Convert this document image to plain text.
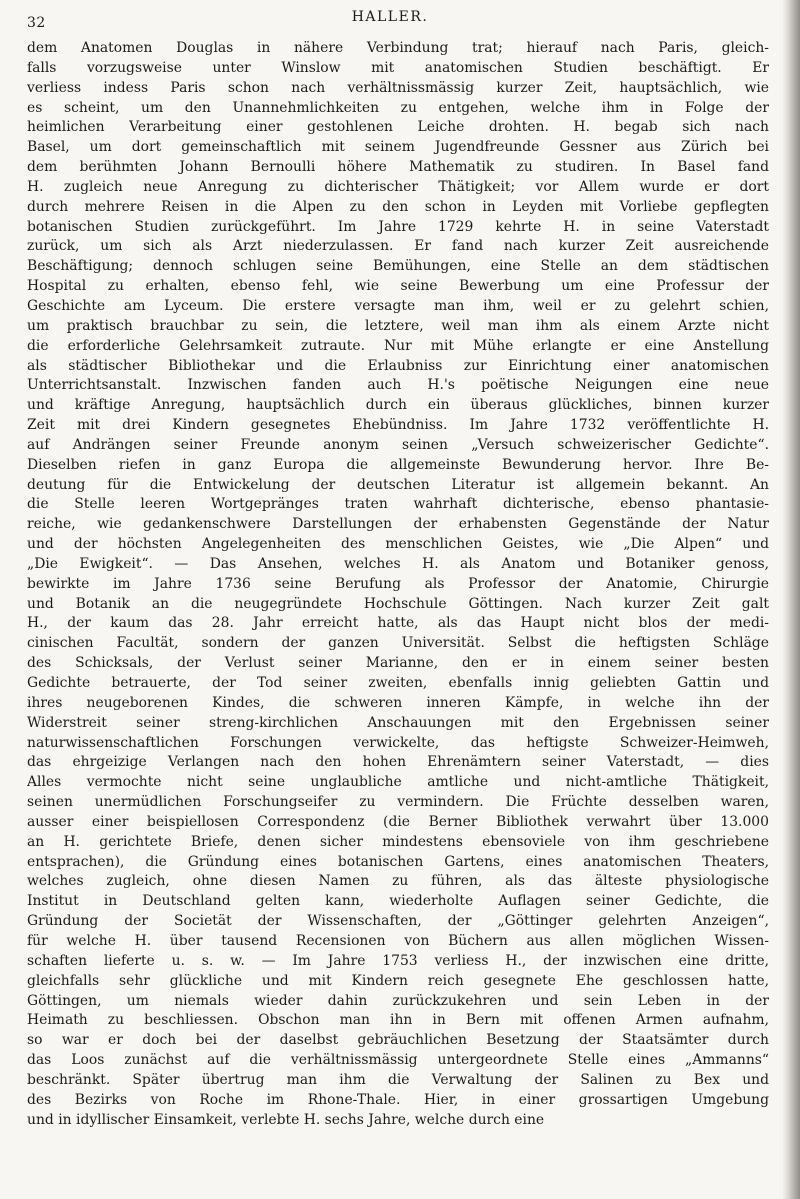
32	HALLER.
dem Anatomen Douglas in nähere Verbindung trat; hierauf nach Paris, gleich-
falls vorzugsweise unter Winslow mit anatomischen Studien beschäftigt. Er
verliess indess Paris schon nach verhältnissmässig kurzer Zeit, hauptsächlich, wie
es scheint, um den Unannehmlichkeiten zu entgehen, welche ihm in Folge der
heimlichen Verarbeitung einer gestohlenen Leiche drohten. H. begab sich nach
Basel, um dort gemeinschaftlich mit seinem Jugendfreunde Gessner aus Zürich bei
dem berühmten Johann Bernoulli höhere Mathematik zu studiren. In Basel fand
H. zugleich neue Anregung zu dichterischer Thätigkeit; vor Allem wurde er dort
durch mehrere Reisen in die Alpen zu den schon in Leyden mit Vorliebe gepflegten
botanischen Studien zurückgeführt. Im Jahre 1729 kehrte H. in seine Vaterstadt
zurück, um sich als Arzt niederzulassen. Er fand nach kurzer Zeit ausreichende
Beschäftigung; dennoch schlugen seine Bemühungen, eine Stelle an dem städtischen
Hospital zu erhalten, ebenso fehl, wie seine Bewerbung um eine Professur der
Geschichte am Lyceum. Die erstere versagte man ihm, weil er zu gelehrt schien,
um praktisch brauchbar zu sein, die letztere, weil man ihm als einem Arzte nicht
die erforderliche Gelehrsamkeit zutraute. Nur mit Mühe erlangte er eine Anstellung
als städtischer Bibliothekar und die Erlaubniss zur Einrichtung einer anatomischen
Unterrichtsanstalt. Inzwischen fanden auch H.'s poëtische Neigungen eine neue
und kräftige Anregung, hauptsächlich durch ein überaus glückliches, binnen kurzer
Zeit mit drei Kindern gesegnetes Ehebündniss. Im Jahre 1732 veröffentlichte H.
auf Andrängen seiner Freunde anonym seinen „Versuch schweizerischer Gedichte“.
Dieselben riefen in ganz Europa die allgemeinste Bewunderung hervor. Ihre Be-
deutung für die Entwickelung der deutschen Literatur ist allgemein bekannt. An
die Stelle leeren Wortgepränges traten wahrhaft dichterische, ebenso phantasie-
reiche, wie gedankenschwere Darstellungen der erhabensten Gegenstände der Natur
und der höchsten Angelegenheiten des menschlichen Geistes, wie „Die Alpen“ und
„Die Ewigkeit“. — Das Ansehen, welches H. als Anatom und Botaniker genoss,
bewirkte im Jahre 1736 seine Berufung als Professor der Anatomie, Chirurgie
und Botanik an die neugegründete Hochschule Göttingen. Nach kurzer Zeit galt
H., der kaum das 28. Jahr erreicht hatte, als das Haupt nicht blos der medi-
cinischen Facultät, sondern der ganzen Universität. Selbst die heftigsten Schläge
des Schicksals, der Verlust seiner Marianne, den er in einem seiner besten
Gedichte betrauerte, der Tod seiner zweiten, ebenfalls innig geliebten Gattin und
ihres neugeborenen Kindes, die schweren inneren Kämpfe, in welche ihn der
Widerstreit seiner streng-kirchlichen Anschauungen mit den Ergebnissen seiner
naturwissenschaftlichen Forschungen verwickelte, das heftigste Schweizer-Heimweh,
das ehrgeizige Verlangen nach den hohen Ehrenämtern seiner Vaterstadt, — dies
Alles vermochte nicht seine unglaubliche amtliche und nicht-amtliche Thätigkeit,
seinen unermüdlichen Forschungseifer zu vermindern. Die Früchte desselben waren,
ausser einer beispiellosen Correspondenz (die Berner Bibliothek verwahrt über 13.000
an H. gerichtete Briefe, denen sicher mindestens ebensoviele von ihm geschriebene
entsprachen), die Gründung eines botanischen Gartens, eines anatomischen Theaters,
welches zugleich, ohne diesen Namen zu führen, als das älteste physiologische
Institut in Deutschland gelten kann, wiederholte Auflagen seiner Gedichte, die
Gründung der Societät der Wissenschaften, der „Göttinger gelehrten Anzeigen“,
für welche H. über tausend Recensionen von Büchern aus allen möglichen Wissen-
schaften lieferte u. s. w. — Im Jahre 1753 verliess H., der inzwischen eine dritte,
gleichfalls sehr glückliche und mit Kindern reich gesegnete Ehe geschlossen hatte,
Göttingen, um niemals wieder dahin zurückzukehren und sein Leben in der
Heimath zu beschliessen. Obschon man ihn in Bern mit offenen Armen aufnahm,
so war er doch bei der daselbst gebräuchlichen Besetzung der Staatsämter durch
das Loos zunächst auf die verhältnissmässig untergeordnete Stelle eines „Ammanns“
beschränkt. Später übertrug man ihm die Verwaltung der Salinen zu Bex und
des Bezirks von Roche im Rhone-Thale. Hier, in einer grossartigen Umgebung
und in idyllischer Einsamkeit, verlebte H. sechs Jahre, welche durch eine
